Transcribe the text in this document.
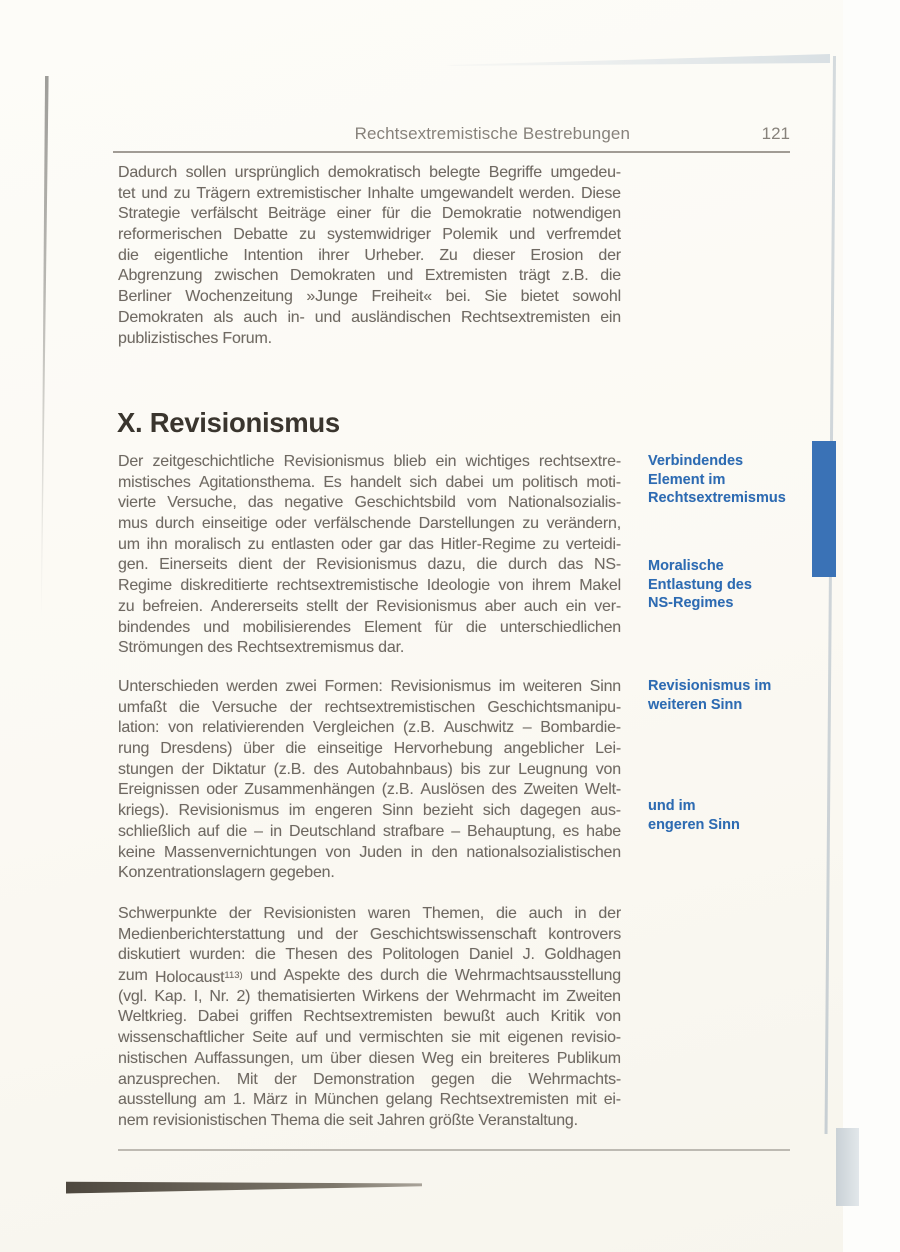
Rechtsextremistische Bestrebungen	121
Dadurch sollen ursprünglich demokratisch belegte Begriffe umgedeu-
tet und zu Trägern extremistischer Inhalte umgewandelt werden. Diese
Strategie verfälscht Beiträge einer für die Demokratie notwendigen
reformerischen Debatte zu systemwidriger Polemik und verfremdet
die eigentliche Intention ihrer Urheber. Zu dieser Erosion der
Abgrenzung zwischen Demokraten und Extremisten trägt z.B. die
Berliner Wochenzeitung »Junge Freiheit« bei. Sie bietet sowohl
Demokraten als auch in- und ausländischen Rechtsextremisten ein
publizistisches Forum.
X. Revisionismus
Der zeitgeschichtliche Revisionismus blieb ein wichtiges rechtsextre-
mistisches Agitationsthema. Es handelt sich dabei um politisch moti-
vierte Versuche, das negative Geschichtsbild vom Nationalsozialis-
mus durch einseitige oder verfälschende Darstellungen zu verändern,
um ihn moralisch zu entlasten oder gar das Hitler-Regime zu verteidi-
gen. Einerseits dient der Revisionismus dazu, die durch das NS-
Regime diskreditierte rechtsextremistische Ideologie von ihrem Makel
zu befreien. Andererseits stellt der Revisionismus aber auch ein ver-
bindendes und mobilisierendes Element für die unterschiedlichen
Strömungen des Rechtsextremismus dar.
Unterschieden werden zwei Formen: Revisionismus im weiteren Sinn
umfaßt die Versuche der rechtsextremistischen Geschichtsmanipu-
lation: von relativierenden Vergleichen (z.B. Auschwitz – Bombardie-
rung Dresdens) über die einseitige Hervorhebung angeblicher Lei-
stungen der Diktatur (z.B. des Autobahnbaus) bis zur Leugnung von
Ereignissen oder Zusammenhängen (z.B. Auslösen des Zweiten Welt-
kriegs). Revisionismus im engeren Sinn bezieht sich dagegen aus-
schließlich auf die – in Deutschland strafbare – Behauptung, es habe
keine Massenvernichtungen von Juden in den nationalsozialistischen
Konzentrationslagern gegeben.
Schwerpunkte der Revisionisten waren Themen, die auch in der
Medienberichterstattung und der Geschichtswissenschaft kontrovers
diskutiert wurden: die Thesen des Politologen Daniel J. Goldhagen
zum Holocaust$^{113)}$ und Aspekte des durch die Wehrmachtsausstellung
(vgl. Kap. I, Nr. 2) thematisierten Wirkens der Wehrmacht im Zweiten
Weltkrieg. Dabei griffen Rechtsextremisten bewußt auch Kritik von
wissenschaftlicher Seite auf und vermischten sie mit eigenen revisio-
nistischen Auffassungen, um über diesen Weg ein breiteres Publikum
anzusprechen. Mit der Demonstration gegen die Wehrmachts-
ausstellung am 1. März in München gelang Rechtsextremisten mit ei-
nem revisionistischen Thema die seit Jahren größte Veranstaltung.
Verbindendes
Element im
Rechtsextremismus
Moralische
Entlastung des
NS-Regimes
Revisionismus im
weiteren Sinn
und im
engeren Sinn
